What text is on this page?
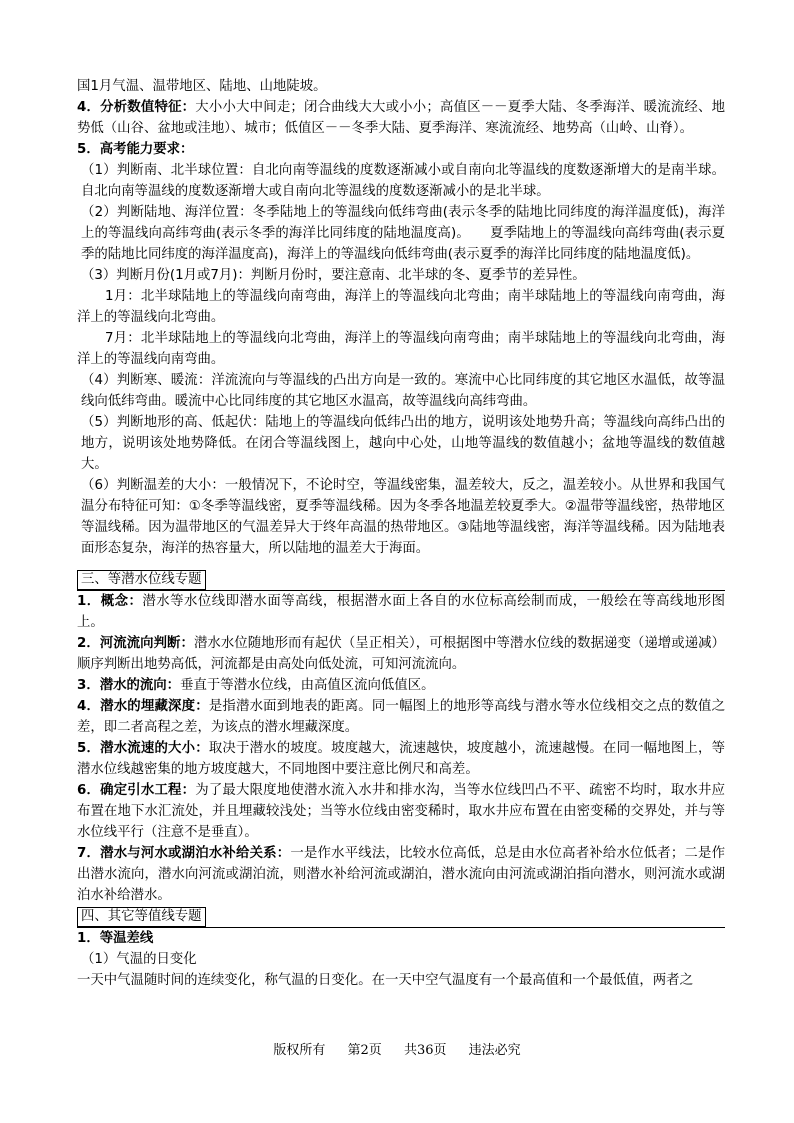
国1月气温、温带地区、陆地、山地陡坡。

4．分析数值特征：大小小大中间走；闭合曲线大大或小小；高值区－－夏季大陆、冬季海洋、暖流流经、地势低（山谷、盆地或洼地）、城市；低值区－－冬季大陆、夏季海洋、寒流流经、地势高（山岭、山脊）。

5．高考能力要求：

（1）判断南、北半球位置：自北向南等温线的度数逐渐减小或自南向北等温线的度数逐渐增大的是南半球。自北向南等温线的度数逐渐增大或自南向北等温线的度数逐渐减小的是北半球。

（2）判断陆地、海洋位置：冬季陆地上的等温线向低纬弯曲(表示冬季的陆地比同纬度的海洋温度低)，海洋上的等温线向高纬弯曲(表示冬季的海洋比同纬度的陆地温度高)。　　夏季陆地上的等温线向高纬弯曲(表示夏季的陆地比同纬度的海洋温度高)，海洋上的等温线向低纬弯曲(表示夏季的海洋比同纬度的陆地温度低)。

（3）判断月份(1月或7月)：判断月份时，要注意南、北半球的冬、夏季节的差异性。

1月：北半球陆地上的等温线向南弯曲，海洋上的等温线向北弯曲；南半球陆地上的等温线向南弯曲，海洋上的等温线向北弯曲。

7月：北半球陆地上的等温线向北弯曲，海洋上的等温线向南弯曲；南半球陆地上的等温线向北弯曲，海洋上的等温线向南弯曲。

（4）判断寒、暖流：洋流流向与等温线的凸出方向是一致的。寒流中心比同纬度的其它地区水温低，故等温线向低纬弯曲。暖流中心比同纬度的其它地区水温高，故等温线向高纬弯曲。

（5）判断地形的高、低起伏：陆地上的等温线向低纬凸出的地方，说明该处地势升高；等温线向高纬凸出的地方，说明该处地势降低。在闭合等温线图上，越向中心处，山地等温线的数值越小；盆地等温线的数值越大。

（6）判断温差的大小：一般情况下，不论时空，等温线密集，温差较大，反之，温差较小。从世界和我国气温分布特征可知：①冬季等温线密，夏季等温线稀。因为冬季各地温差较夏季大。②温带等温线密，热带地区等温线稀。因为温带地区的气温差异大于终年高温的热带地区。③陆地等温线密，海洋等温线稀。因为陆地表面形态复杂，海洋的热容量大，所以陆地的温差大于海面。

三、等潜水位线专题

1．概念：潜水等水位线即潜水面等高线，根据潜水面上各自的水位标高绘制而成，一般绘在等高线地形图上。

2．河流流向判断：潜水水位随地形而有起伏（呈正相关），可根据图中等潜水位线的数据递变（递增或递减）顺序判断出地势高低，河流都是由高处向低处流，可知河流流向。

3．潜水的流向：垂直于等潜水位线，由高值区流向低值区。

4．潜水的埋藏深度：是指潜水面到地表的距离。同一幅图上的地形等高线与潜水等水位线相交之点的数值之差，即二者高程之差，为该点的潜水埋藏深度。

5．潜水流速的大小：取决于潜水的坡度。坡度越大，流速越快，坡度越小，流速越慢。在同一幅地图上，等潜水位线越密集的地方坡度越大，不同地图中要注意比例尺和高差。

6．确定引水工程：为了最大限度地使潜水流入水井和排水沟，当等水位线凹凸不平、疏密不均时，取水井应布置在地下水汇流处，并且埋藏较浅处；当等水位线由密变稀时，取水井应布置在由密变稀的交界处，并与等水位线平行（注意不是垂直）。

7．潜水与河水或湖泊水补给关系：一是作水平线法，比较水位高低，总是由水位高者补给水位低者；二是作出潜水流向，潜水向河流或湖泊流，则潜水补给河流或湖泊，潜水流向由河流或湖泊指向潜水，则河流水或湖泊水补给潜水。

四、其它等值线专题

1．等温差线

（1）气温的日变化

一天中气温随时间的连续变化，称气温的日变化。在一天中空气温度有一个最高值和一个最低值，两者之

版权所有 第2页 共36页 违法必究
